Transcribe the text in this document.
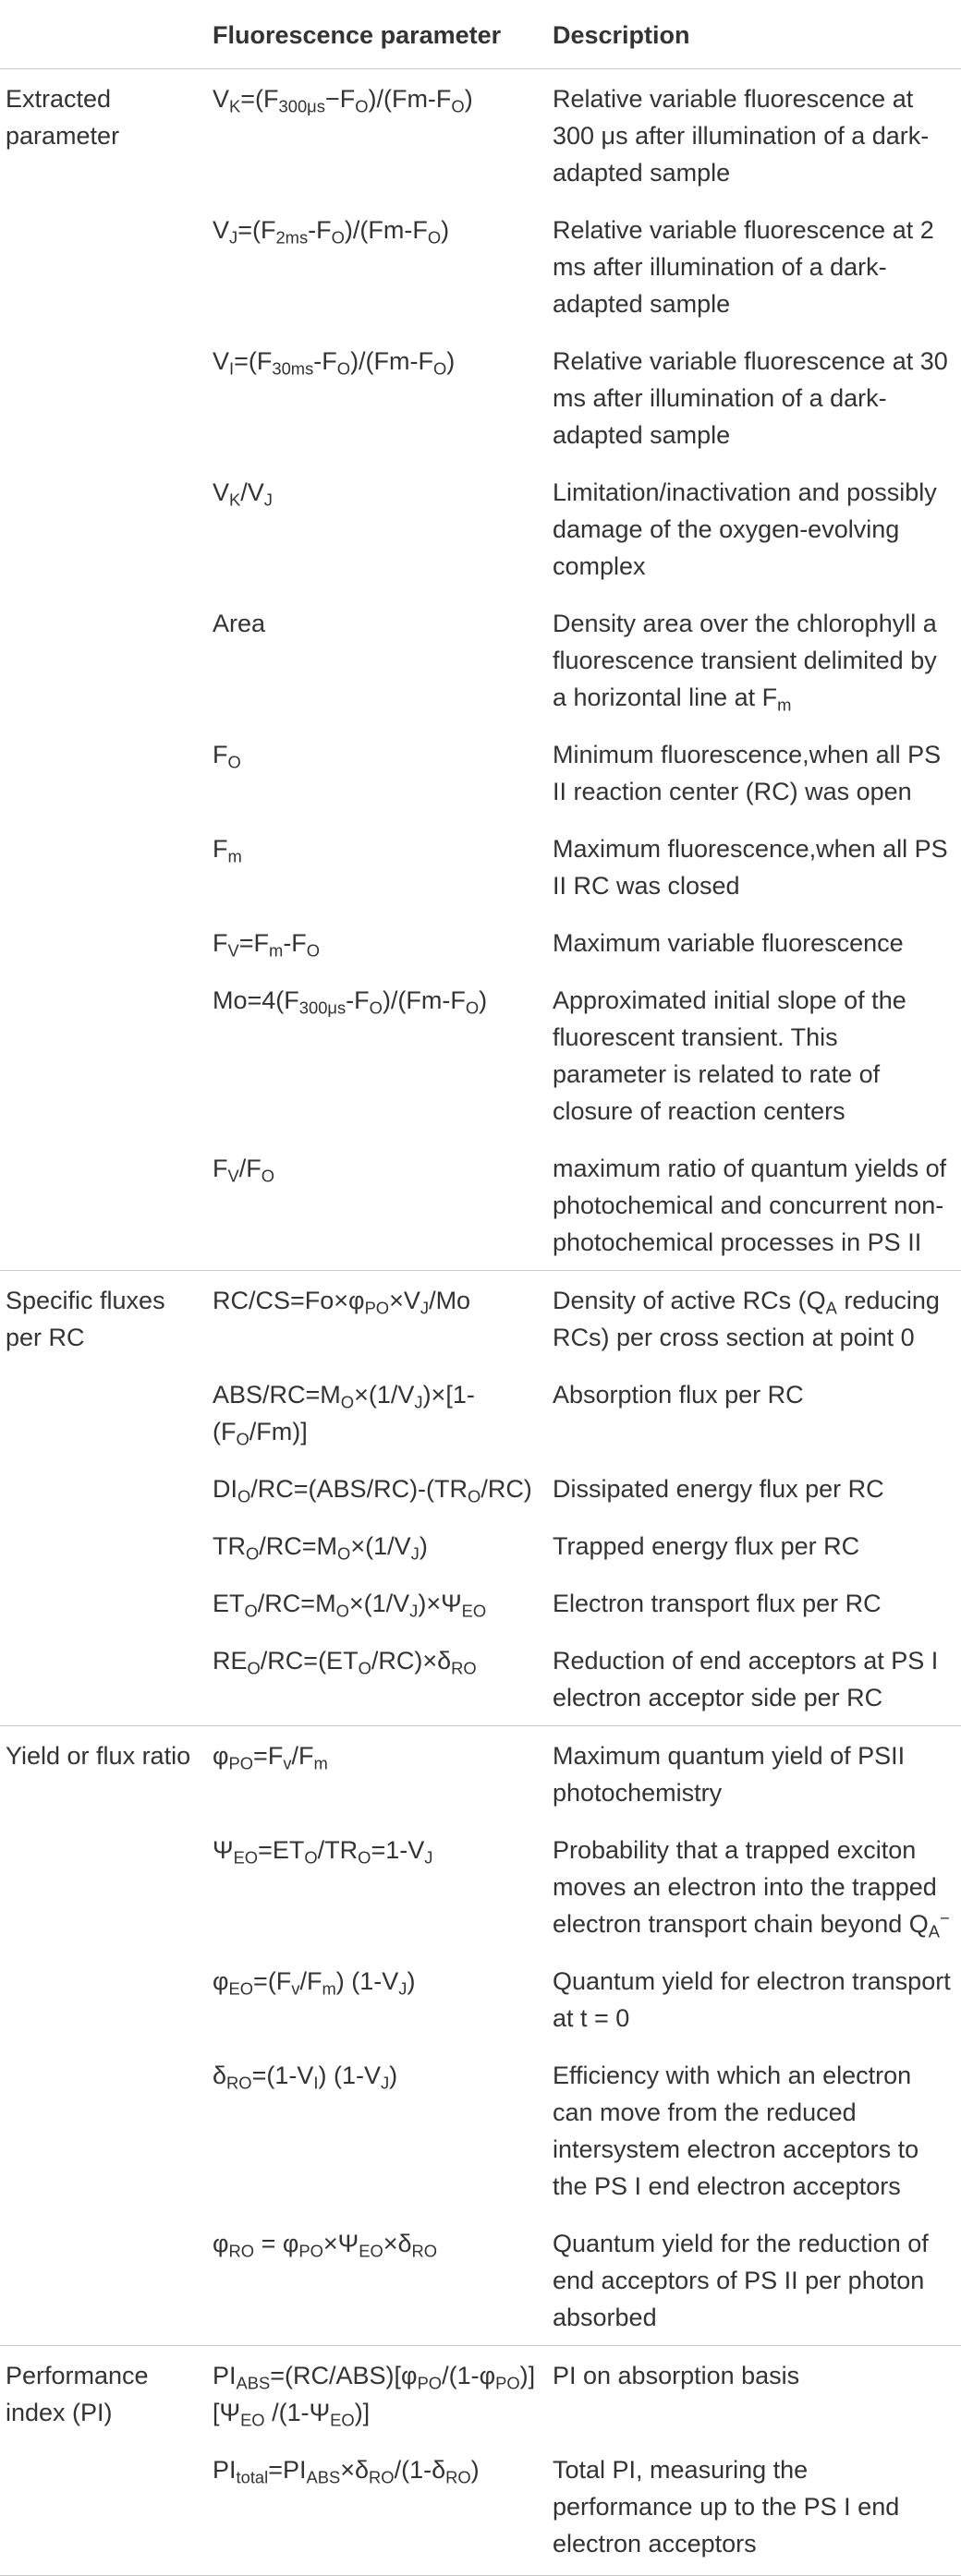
	Fluorescence parameter	Description
Extracted parameter	$V_K=(F_{300\mu s}-F_O)/(Fm-F_O)$	Relative variable fluorescence at 300 μs after illumination of a dark-adapted sample
	$V_J=(F_{2ms}-F_O)/(Fm-F_O)$	Relative variable fluorescence at 2 ms after illumination of a dark-adapted sample
	$V_I=(F_{30ms}-F_O)/(Fm-F_O)$	Relative variable fluorescence at 30 ms after illumination of a dark-adapted sample
	$V_K/V_J$	Limitation/inactivation and possibly damage of the oxygen-evolving complex
	Area	Density area over the chlorophyll a fluorescence transient delimited by a horizontal line at $F_m$
	$F_O$	Minimum fluorescence,when all PS II reaction center (RC) was open
	$F_m$	Maximum fluorescence,when all PS II RC was closed
	$F_V=F_m-F_O$	Maximum variable fluorescence
	$Mo=4(F_{300\mu s}-F_O)/(Fm-F_O)$	Approximated initial slope of the fluorescent transient. This parameter is related to rate of closure of reaction centers
	$F_V/F_O$	maximum ratio of quantum yields of photochemical and concurrent non-photochemical processes in PS II
Specific fluxes per RC	$RC/CS=Fo\times\varphi_{PO}\times V_J/Mo$	Density of active RCs ($Q_A$ reducing RCs) per cross section at point 0
	ABS/$RC=M_O\times(1/V_J)\times[1-(F_O/Fm)]$	Absorption flux per RC
	$DI_O/RC=(ABS/RC)-(TR_O/RC)$	Dissipated energy flux per RC
	$TR_O/RC=M_O\times(1/V_J)$	Trapped energy flux per RC
	$ET_O/RC=M_O\times(1/V_J)\times\Psi_{EO}$	Electron transport flux per RC
	$RE_O/RC=(ET_O/RC)\times\delta_{RO}$	Reduction of end acceptors at PS I electron acceptor side per RC
Yield or flux ratio	$\varphi_{PO}=F_v/F_m$	Maximum quantum yield of PSII photochemistry
	$\Psi_{EO}=ET_O/TR_O=1-V_J$	Probability that a trapped exciton moves an electron into the trapped electron transport chain beyond $Q_A^-$
	$\varphi_{EO}=(F_v/F_m)$ $(1-V_J)$	Quantum yield for electron transport at t = 0
	$\delta_{RO}=(1-V_I)$ $(1-V_J)$	Efficiency with which an electron can move from the reduced intersystem electron acceptors to the PS I end electron acceptors
	$\varphi_{RO} = \varphi_{PO}\times\Psi_{EO}\times\delta_{RO}$	Quantum yield for the reduction of end acceptors of PS II per photon absorbed
Performance index (PI)	$PI_{ABS}=(RC/ABS)[\varphi_{PO}/(1-\varphi_{PO})][\Psi_{EO}$ $/(1-\Psi_{EO})$]	PI on absorption basis
	$PI_{total}=PI_{ABS}\times\delta_{RO}/(1-\delta_{RO})$	Total PI, measuring the performance up to the PS I end electron acceptors
